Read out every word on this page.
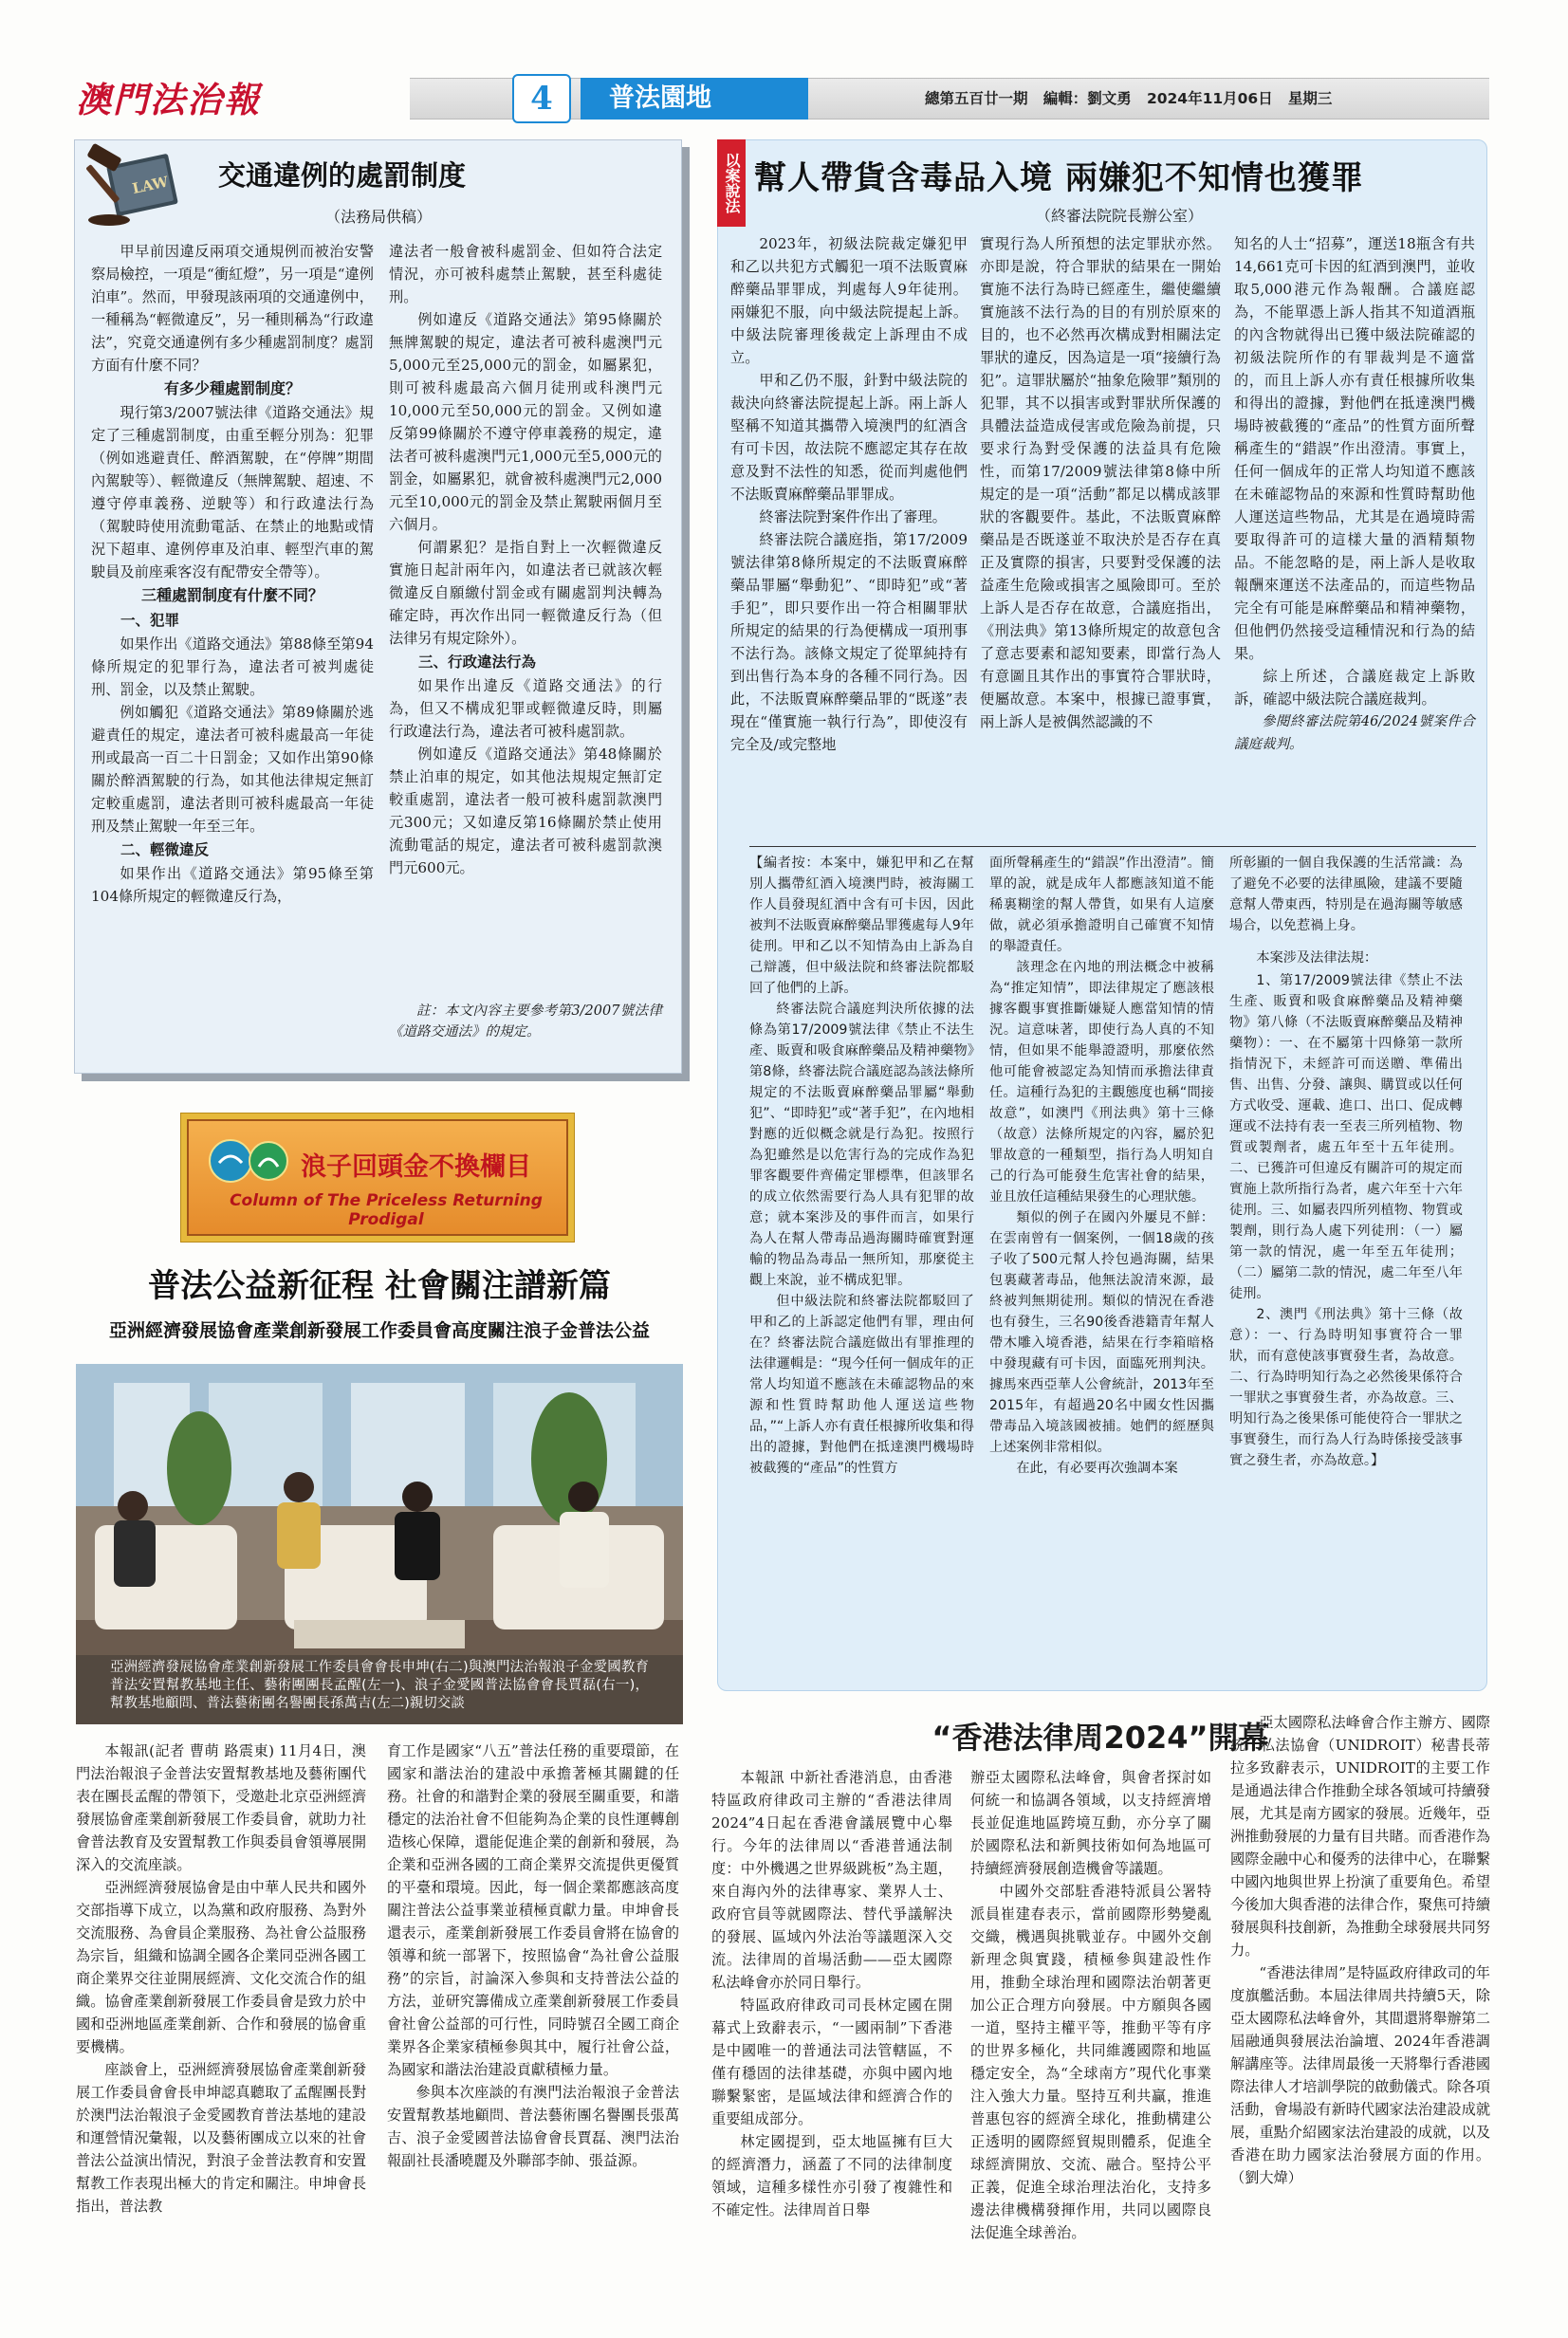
澳門法治報	4	普法園地	總第五百廿一期 編輯：劉文勇 2024年11月06日 星期三
LAW 交通違例的處罰制度
（法務局供稿）

甲早前因違反兩項交通規例而被治安警察局檢控，一項是“衝紅燈”，另一項是“違例泊車”。然而，甲發現該兩項的交通違例中，一種稱為“輕微違反”，另一種則稱為“行政違法”，究竟交通違例有多少種處罰制度？處罰方面有什麼不同？

有多少種處罰制度？

現行第3/2007號法律《道路交通法》規定了三種處罰制度，由重至輕分別為：犯罪（例如逃避責任、醉酒駕駛，在“停牌”期間內駕駛等）、輕微違反（無牌駕駛、超速、不遵守停車義務、逆駛等）和行政違法行為（駕駛時使用流動電話、在禁止的地點或情況下超車、違例停車及泊車、輕型汽車的駕駛員及前座乘客沒有配帶安全帶等）。

三種處罰制度有什麼不同？

一、犯罪

如果作出《道路交通法》第88條至第94條所規定的犯罪行為，違法者可被判處徒刑、罰金，以及禁止駕駛。

例如觸犯《道路交通法》第89條關於逃避責任的規定，違法者可被科處最高一年徒刑或最高一百二十日罰金；又如作出第90條關於醉酒駕駛的行為，如其他法律規定無訂定較重處罰，違法者則可被科處最高一年徒刑及禁止駕駛一年至三年。

二、輕微違反

如果作出《道路交通法》第95條至第104條所規定的輕微違反行為，

違法者一般會被科處罰金、但如符合法定情況，亦可被科處禁止駕駛，甚至科處徒刑。

例如違反《道路交通法》第95條關於無牌駕駛的規定，違法者可被科處澳門元5,000元至25,000元的罰金，如屬累犯，則可被科處最高六個月徒刑或科澳門元10,000元至50,000元的罰金。又例如違反第99條關於不遵守停車義務的規定，違法者可被科處澳門元1,000元至5,000元的罰金，如屬累犯，就會被科處澳門元2,000元至10,000元的罰金及禁止駕駛兩個月至六個月。

何謂累犯？是指自對上一次輕微違反實施日起計兩年內，如違法者已就該次輕微違反自願繳付罰金或有關處罰判決轉為確定時，再次作出同一輕微違反行為（但法律另有規定除外）。

三、行政違法行為

如果作出違反《道路交通法》的行為，但又不構成犯罪或輕微違反時，則屬行政違法行為，違法者可被科處罰款。

例如違反《道路交通法》第48條關於禁止泊車的規定，如其他法規規定無訂定較重處罰，違法者一般可被科處罰款澳門元300元；又如違反第16條關於禁止使用流動電話的規定，違法者可被科處罰款澳門元600元。

註：本文內容主要參考第3/2007號法律《道路交通法》的規定。
以案說法 幫人帶貨含毒品入境 兩嫌犯不知情也獲罪
（終審法院院長辦公室）

2023年，初級法院裁定嫌犯甲和乙以共犯方式觸犯一項不法販賣麻醉藥品罪罪成，判處每人9年徒刑。兩嫌犯不服，向中級法院提起上訴。中級法院審理後裁定上訴理由不成立。

甲和乙仍不服，針對中級法院的裁決向終審法院提起上訴。兩上訴人堅稱不知道其攜帶入境澳門的紅酒含有可卡因，故法院不應認定其存在故意及對不法性的知悉，從而判處他們不法販賣麻醉藥品罪罪成。

終審法院對案件作出了審理。

終審法院合議庭指，第17/2009號法律第8條所規定的不法販賣麻醉藥品罪屬“舉動犯”、“即時犯”或“著手犯”，即只要作出一符合相關罪狀所規定的結果的行為便構成一項刑事不法行為。該條文規定了從單純持有到出售行為本身的各種不同行為。因此，不法販賣麻醉藥品罪的“既遂”表現在“僅實施一執行行為”，即使沒有完全及/或完整地

實現行為人所預想的法定罪狀亦然。亦即是說，符合罪狀的結果在一開始實施不法行為時已經產生，繼使繼續實施該不法行為的目的有別於原來的目的，也不必然再次構成對相關法定罪狀的違反，因為這是一項“接續行為犯”。這罪狀屬於“抽象危險罪”類別的犯罪，其不以損害或對罪狀所保護的具體法益造成侵害或危險為前提，只要求行為對受保護的法益具有危險性，而第17/2009號法律第8條中所規定的是一項“活動”都足以構成該罪狀的客觀要件。基此，不法販賣麻醉藥品是否既遂並不取決於是否存在真正及實際的損害，只要對受保護的法益產生危險或損害之風險即可。至於上訴人是否存在故意，合議庭指出，《刑法典》第13條所規定的故意包含了意志要素和認知要素，即當行為人有意圖且其作出的事實符合罪狀時，便屬故意。本案中，根據已證事實，兩上訴人是被偶然認識的不

知名的人士“招募”，運送18瓶含有共14,661克可卡因的紅酒到澳門，並收取5,000港元作為報酬。合議庭認為，不能單憑上訴人指其不知道酒瓶的內含物就得出已獲中級法院確認的初級法院所作的有罪裁判是不適當的，而且上訴人亦有責任根據所收集和得出的證據，對他們在抵達澳門機場時被截獲的“產品”的性質方面所聲稱產生的“錯誤”作出澄清。事實上，任何一個成年的正常人均知道不應該在未確認物品的來源和性質時幫助他人運送這些物品，尤其是在過境時需要取得許可的這樣大量的酒精類物品。不能忽略的是，兩上訴人是收取報酬來運送不法產品的，而這些物品完全有可能是麻醉藥品和精神藥物，但他們仍然接受這種情況和行為的結果。

綜上所述，合議庭裁定上訴敗訴，確認中級法院合議庭裁判。

參閱終審法院第46/2024號案件合議庭裁判。

【編者按：本案中，嫌犯甲和乙在幫別人攜帶紅酒入境澳門時，被海關工作人員發現紅酒中含有可卡因，因此被判不法販賣麻醉藥品罪獲處每人9年徒刑。甲和乙以不知情為由上訴為自己辯護，但中級法院和終審法院都駁回了他們的上訴。

終審法院合議庭判決所依據的法條為第17/2009號法律《禁止不法生產、販賣和吸食麻醉藥品及精神藥物》第8條，終審法院合議庭認為該法條所規定的不法販賣麻醉藥品罪屬“舉動犯”、“即時犯”或“著手犯”，在內地相對應的近似概念就是行為犯。按照行為犯雖然是以危害行為的完成作為犯罪客觀要件齊備定罪標準，但該罪名的成立依然需要行為人具有犯罪的故意；就本案涉及的事件而言，如果行為人在幫人帶毒品過海關時確實對運輸的物品為毒品一無所知，那麼從主觀上來說，並不構成犯罪。

但中級法院和終審法院都駁回了甲和乙的上訴認定他們有罪，理由何在？終審法院合議庭做出有罪推理的法律邏輯是：“現今任何一個成年的正常人均知道不應該在未確認物品的來源和性質時幫助他人運送這些物品，”“上訴人亦有責任根據所收集和得出的證據，對他們在抵達澳門機場時被截獲的“產品”的性質方

面所聲稱產生的“錯誤”作出澄清”。簡單的說，就是成年人都應該知道不能稀裏糊塗的幫人帶貨，如果有人這麼做，就必須承擔證明自己確實不知情的舉證責任。

該理念在內地的刑法概念中被稱為“推定知情”，即法律規定了應該根據客觀事實推斷嫌疑人應當知情的情況。這意味著，即使行為人真的不知情，但如果不能舉證證明，那麼依然他可能會被認定為知情而承擔法律責任。這種行為犯的主觀態度也稱“間接故意”，如澳門《刑法典》第十三條（故意）法條所規定的內容，屬於犯罪故意的一種類型，指行為人明知自己的行為可能發生危害社會的結果，並且放任這種結果發生的心理狀態。

類似的例子在國內外屢見不鮮：在雲南曾有一個案例，一個18歲的孩子收了500元幫人拎包過海關，結果包裏藏著毒品，他無法說清來源，最終被判無期徒刑。類似的情況在香港也有發生，三名90後香港籍青年幫人帶木雕入境香港，結果在行李箱暗格中發現藏有可卡因，面臨死刑判決。據馬來西亞華人公會統計，2013年至2015年，有超過20名中國女性因攜帶毒品入境該國被捕。她們的經歷與上述案例非常相似。

在此，有必要再次強調本案

所彰顯的一個自我保護的生活常識：為了避免不必要的法律風險，建議不要隨意幫人帶東西，特別是在過海關等敏感場合，以免惹禍上身。

本案涉及法律法規：

1、第17/2009號法律《禁止不法生產、販賣和吸食麻醉藥品及精神藥物》第八條（不法販賣麻醉藥品及精神藥物）：一、在不屬第十四條第一款所指情況下，未經許可而送贈、準備出售、出售、分發、讓與、購買或以任何方式收受、運載、進口、出口、促成轉運或不法持有表一至表三所列植物、物質或製劑者，處五年至十五年徒刑。二、已獲許可但違反有關許可的規定而實施上款所指行為者，處六年至十六年徒刑。三、如屬表四所列植物、物質或製劑，則行為人處下列徒刑：（一）屬第一款的情況，處一年至五年徒刑；（二）屬第二款的情況，處二年至八年徒刑。

2、澳門《刑法典》第十三條（故意）：一、行為時明知事實符合一罪狀，而有意使該事實發生者，為故意。二、行為時明知行為之必然後果係符合一罪狀之事實發生者，亦為故意。三、明知行為之後果係可能使符合一罪狀之事實發生，而行為人行為時係接受該事實之發生者，亦為故意。】

浪子回頭金不換欄目
Column of The Priceless Returning Prodigal
普法公益新征程 社會關注譜新篇
亞洲經濟發展協會產業創新發展工作委員會高度關注浪子金普法公益
亞洲經濟發展協會產業創新發展工作委員會會長申坤(右二)與澳門法治報浪子金愛國教育普法安置幫教基地主任、藝術團團長孟醒(左一)、浪子金愛國普法協會會長賈磊(右一)，幫教基地顧問、普法藝術團名譽團長孫萬吉(左二)親切交談

本報訊(記者 曹萌 路震東) 11月4日，澳門法治報浪子金普法安置幫教基地及藝術團代表在團長孟醒的帶領下，受邀赴北京亞洲經濟發展協會產業創新發展工作委員會，就助力社會普法教育及安置幫教工作與委員會領導展開深入的交流座談。

亞洲經濟發展協會是由中華人民共和國外交部指導下成立，以為黨和政府服務、為對外交流服務、為會員企業服務、為社會公益服務為宗旨，組織和協調全國各企業同亞洲各國工商企業界交往並開展經濟、文化交流合作的組織。協會產業創新發展工作委員會是致力於中國和亞洲地區產業創新、合作和發展的協會重要機構。

座談會上，亞洲經濟發展協會產業創新發展工作委員會會長申坤認真聽取了孟醒團長對於澳門法治報浪子金愛國教育普法基地的建設和運營情況彙報，以及藝術團成立以來的社會普法公益演出情況，對浪子金普法教育和安置幫教工作表現出極大的肯定和關注。申坤會長指出，普法教

育工作是國家“八五”普法任務的重要環節，在國家和諧法治的建設中承擔著極其關鍵的任務。社會的和諧對企業的發展至關重要，和諧穩定的法治社會不但能夠為企業的良性運轉創造核心保障，還能促進企業的創新和發展，為企業和亞洲各國的工商企業界交流提供更優質的平臺和環境。因此，每一個企業都應該高度關注普法公益事業並積極貢獻力量。申坤會長還表示，產業創新發展工作委員會將在協會的領導和統一部署下，按照協會“為社會公益服務”的宗旨，討論深入參與和支持普法公益的方法，並研究籌備成立產業創新發展工作委員會社會公益部的可行性，同時號召全國工商企業界各企業家積極參與其中，履行社會公益，為國家和諧法治建設貢獻積極力量。

參與本次座談的有澳門法治報浪子金普法安置幫教基地顧問、普法藝術團名譽團長張萬吉、浪子金愛國普法協會會長賈磊、澳門法治報副社長潘曉麗及外聯部李帥、張益源。

“香港法律周2024”開幕

本報訊 中新社香港消息，由香港特區政府律政司主辦的“香港法律周2024”4日起在香港會議展覽中心舉行。今年的法律周以“香港普通法制度：中外機遇之世界級跳板”為主題，來自海內外的法律專家、業界人士、政府官員等就國際法、替代爭議解決的發展、區域內外法治等議題深入交流。法律周的首場活動——亞太國際私法峰會亦於同日舉行。

特區政府律政司司長林定國在開幕式上致辭表示，“一國兩制”下香港是中國唯一的普通法司法管轄區，不僅有穩固的法律基礎，亦與中國內地聯繫緊密，是區域法律和經濟合作的重要組成部分。

林定國提到，亞太地區擁有巨大的經濟潛力，涵蓋了不同的法律制度領域，這種多樣性亦引發了複雜性和不確定性。法律周首日舉

辦亞太國際私法峰會，與會者探討如何統一和協調各領域，以支持經濟增長並促進地區跨境互動，亦分享了關於國際私法和新興技術如何為地區可持續經濟發展創造機會等議題。

中國外交部駐香港特派員公署特派員崔建春表示，當前國際形勢變亂交織，機遇與挑戰並存。中國外交創新理念與實踐，積極參與建設性作用，推動全球治理和國際法治朝著更加公正合理方向發展。中方願與各國一道，堅持主權平等，推動平等有序的世界多極化，共同維護國際和地區穩定安全，為“全球南方”現代化事業注入強大力量。堅持互利共贏，推進普惠包容的經濟全球化，推動構建公正透明的國際經貿規則體系，促進全球經濟開放、交流、融合。堅持公平正義，促進全球治理法治化，支持多邊法律機構發揮作用，共同以國際良法促進全球善治。

亞太國際私法峰會合作主辦方、國際統一私法協會（UNIDROIT）秘書長蒂拉多致辭表示，UNIDROIT的主要工作是通過法律合作推動全球各領域可持續發展，尤其是南方國家的發展。近幾年，亞洲推動發展的力量有目共睹。而香港作為國際金融中心和優秀的法律中心，在聯繫中國內地與世界上扮演了重要角色。希望今後加大與香港的法律合作，聚焦可持續發展與科技創新，為推動全球發展共同努力。

“香港法律周”是特區政府律政司的年度旗艦活動。本屆法律周共持續5天，除亞太國際私法峰會外，其間還將舉辦第二屆融通與發展法治論壇、2024年香港調解講座等。法律周最後一天將舉行香港國際法律人才培訓學院的啟動儀式。除各項活動，會場設有新時代國家法治建設成就展，重點介紹國家法治建設的成就，以及香港在助力國家法治發展方面的作用。（劉大煒）
